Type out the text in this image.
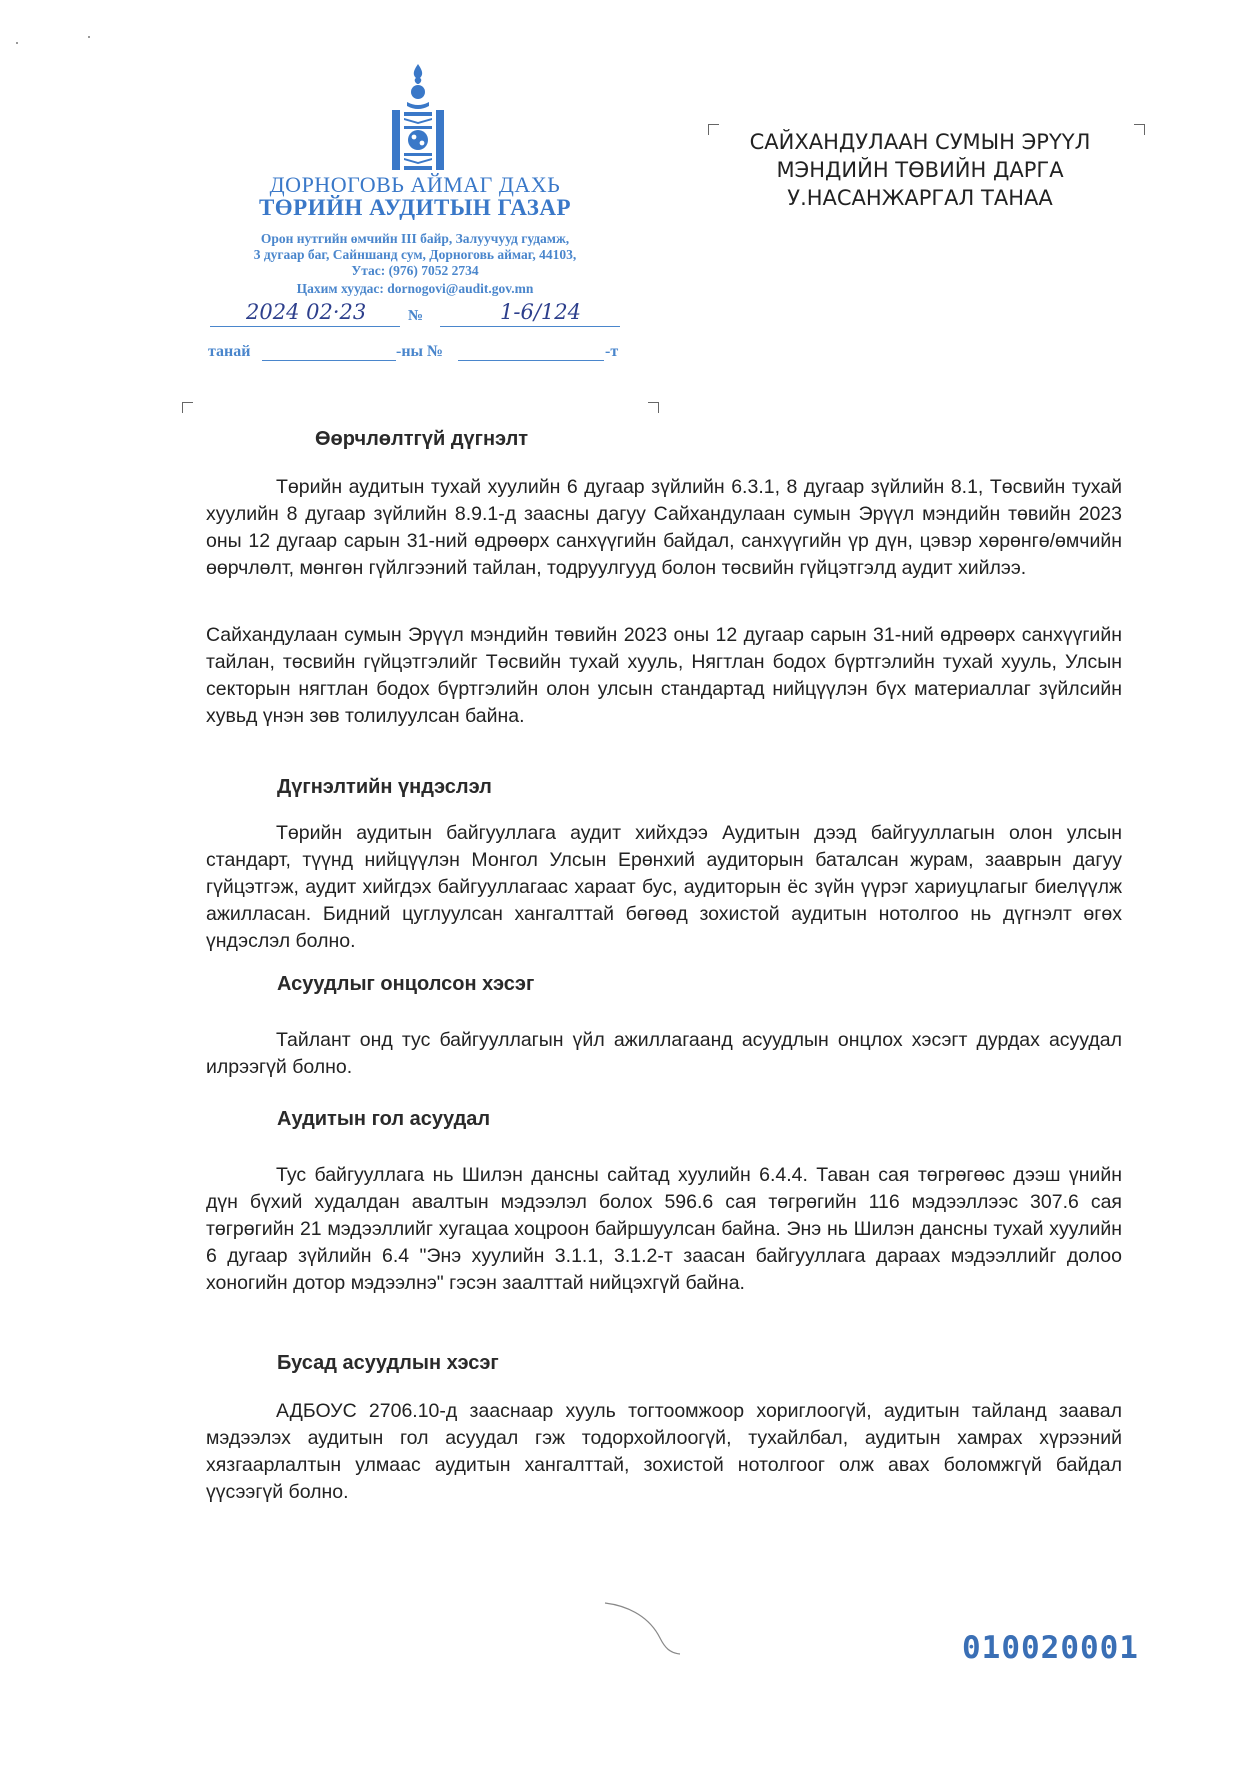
ДОРНОГОВЬ АЙМАГ ДАХЬ
ТӨРИЙН АУДИТЫН ГАЗАР
Орон нутгийн өмчийн III байр, Залуучууд гудамж,
3 дугаар баг, Сайншанд сум, Дорноговь аймаг, 44103,
Утас: (976) 7052 2734
Цахим хуудас: dornogovi@audit.gov.mn
2024 02·23	№	1-6/124
танай	-ны №	-т
САЙХАНДУЛААН СУМЫН ЭРҮҮЛ
МЭНДИЙН ТӨВИЙН ДАРГА
У.НАСАНЖАРГАЛ ТАНАА
Өөрчлөлтгүй дүгнэлт
Төрийн аудитын тухай хуулийн 6 дугаар зүйлийн 6.3.1, 8 дугаар зүйлийн 8.1, Төсвийн тухай хуулийн 8 дугаар зүйлийн 8.9.1-д заасны дагуу Сайхандулаан сумын Эрүүл мэндийн төвийн 2023 оны 12 дугаар сарын 31-ний өдрөөрх санхүүгийн байдал, санхүүгийн үр дүн, цэвэр хөрөнгө/өмчийн өөрчлөлт, мөнгөн гүйлгээний тайлан, тодруулгууд болон төсвийн гүйцэтгэлд аудит хийлээ.
Сайхандулаан сумын Эрүүл мэндийн төвийн 2023 оны 12 дугаар сарын 31-ний өдрөөрх санхүүгийн тайлан, төсвийн гүйцэтгэлийг Төсвийн тухай хууль, Нягтлан бодох бүртгэлийн тухай хууль, Улсын секторын нягтлан бодох бүртгэлийн олон улсын стандартад нийцүүлэн бүх материаллаг зүйлсийн хувьд үнэн зөв толилуулсан байна.
Дүгнэлтийн үндэслэл
Төрийн аудитын байгууллага аудит хийхдээ Аудитын дээд байгууллагын олон улсын стандарт, түүнд нийцүүлэн Монгол Улсын Ерөнхий аудиторын баталсан журам, зааврын дагуу гүйцэтгэж, аудит хийгдэх байгууллагаас хараат бус, аудиторын ёс зүйн үүрэг хариуцлагыг биелүүлж ажилласан. Бидний цуглуулсан хангалттай бөгөөд зохистой аудитын нотолгоо нь дүгнэлт өгөх үндэслэл болно.
Асуудлыг онцолсон хэсэг
Тайлант онд тус байгууллагын үйл ажиллагаанд асуудлын онцлох хэсэгт дурдах асуудал илрээгүй болно.
Аудитын гол асуудал
Тус байгууллага нь Шилэн дансны сайтад хуулийн 6.4.4. Таван сая төгрөгөөс дээш үнийн дүн бүхий худалдан авалтын мэдээлэл болох 596.6 сая төгрөгийн 116 мэдээллээс 307.6 сая төгрөгийн 21 мэдээллийг хугацаа хоцроон байршуулсан байна. Энэ нь Шилэн дансны тухай хуулийн 6 дугаар зүйлийн 6.4 "Энэ хуулийн 3.1.1, 3.1.2-т заасан байгууллага дараах мэдээллийг долоо хоногийн дотор мэдээлнэ" гэсэн заалттай нийцэхгүй байна.
Бусад асуудлын хэсэг
АДБОУС 2706.10-д зааснаар хууль тогтоомжоор хориглоогүй, аудитын тайланд заавал мэдээлэх аудитын гол асуудал гэж тодорхойлоогүй, тухайлбал, аудитын хамрах хүрээний хязгаарлалтын улмаас аудитын хангалттай, зохистой нотолгоог олж авах боломжгүй байдал үүсээгүй болно.
010020001
